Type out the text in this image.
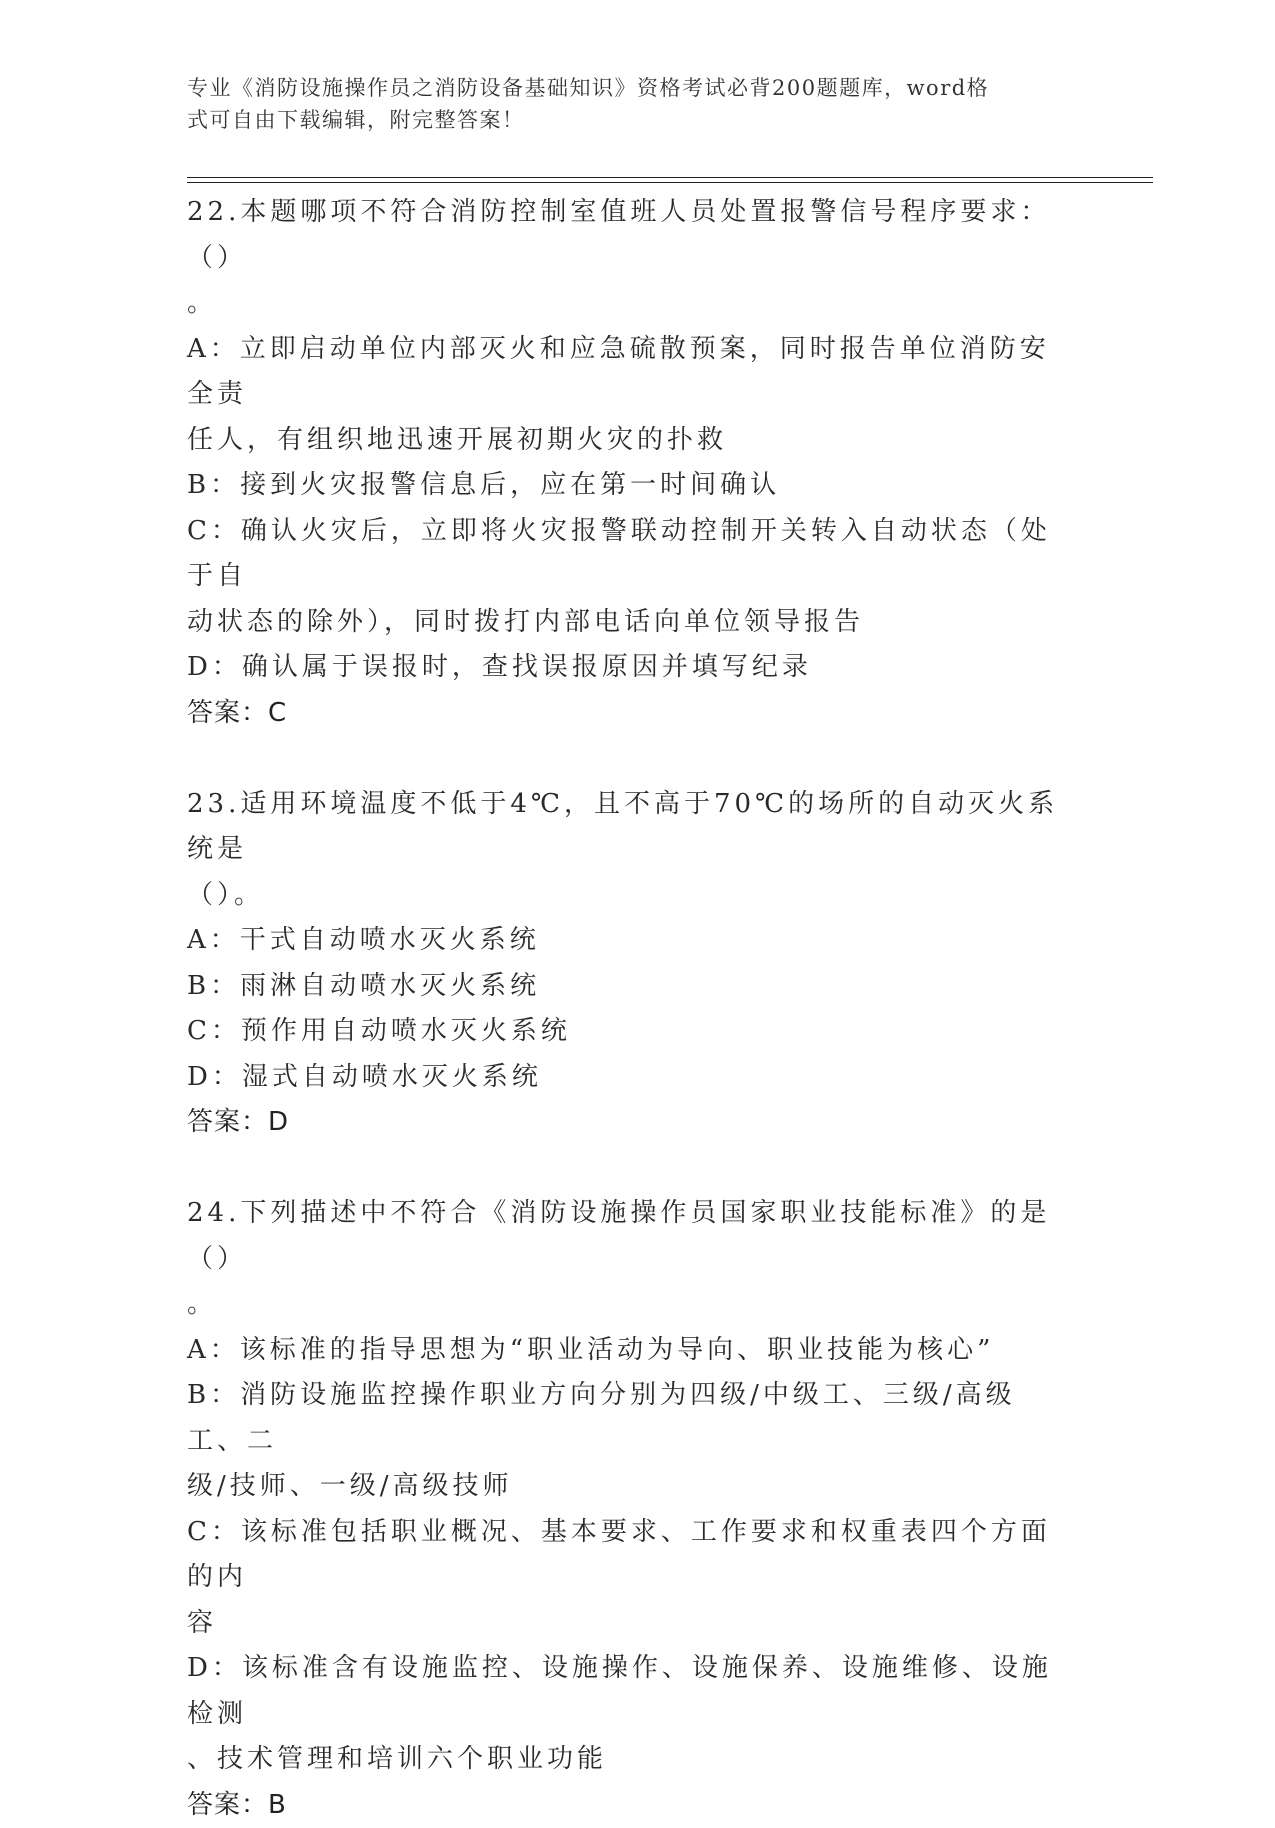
专业《消防设施操作员之消防设备基础知识》资格考试必背200题题库，word格
式可自由下载编辑，附完整答案！

22.本题哪项不符合消防控制室值班人员处置报警信号程序要求：（）

。

A：立即启动单位内部灭火和应急硫散预案，同时报告单位消防安全责

任人，有组织地迅速开展初期火灾的扑救

B：接到火灾报警信息后，应在第一时间确认

C：确认火灾后，立即将火灾报警联动控制开关转入自动状态（处于自

动状态的除外），同时拨打内部电话向单位领导报告

D：确认属于误报时，查找误报原因并填写纪录

答案：C

23.适用环境温度不低于4℃，且不高于70℃的场所的自动灭火系统是

（）。

A：干式自动喷水灭火系统

B：雨淋自动喷水灭火系统

C：预作用自动喷水灭火系统

D：湿式自动喷水灭火系统

答案：D

24.下列描述中不符合《消防设施操作员国家职业技能标准》的是（）

。

A：该标准的指导思想为“职业活动为导向、职业技能为核心”

B：消防设施监控操作职业方向分别为四级/中级工、三级/高级工、二

级/技师、一级/高级技师

C：该标准包括职业概况、基本要求、工作要求和权重表四个方面的内

容

D：该标准含有设施监控、设施操作、设施保养、设施维修、设施检测

、技术管理和培训六个职业功能

答案：B
